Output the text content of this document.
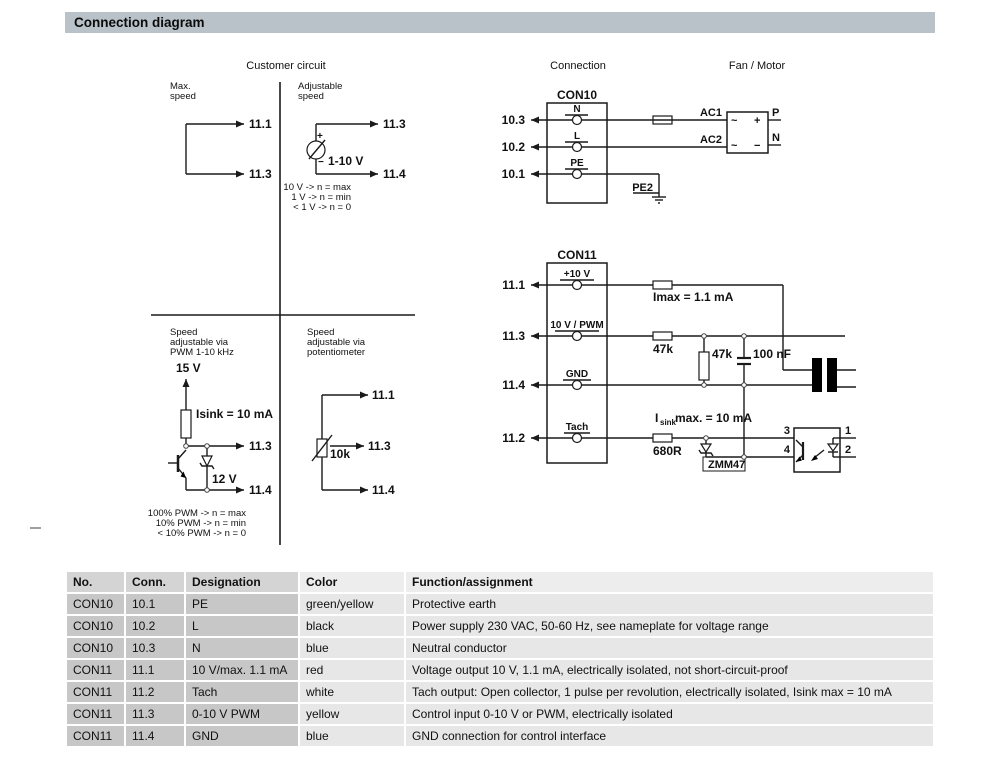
Connection diagram
Customer circuit
Max.
speed
11.1
11.3
Adjustable
speed
+
− 1-10 V
11.3
11.4
10 V -> n = max
1 V -> n = min
< 1 V -> n = 0
Speed
adjustable via
PWM 1-10 kHz
15 V
Isink = 10 mA
11.3
12 V
11.4
100% PWM -> n = max
10% PWM -> n = min
< 10% PWM -> n = 0
Speed
adjustable via
potentiometer
11.1
10k
11.3
11.4
Connection
CON10
AC1
N
10.3
AC2
L
10.2
PE2
PE
10.1
Fan / Motor
~ +
~ −
P
N
CON11
Imax = 1.1 mA
+10 V
11.1
47k
10 V / PWM
11.3
47k 100 nF
GND
11.4
I sink
max. = 10 mA
680R
Tach
11.2
ZMM47
3
4
1
2
No.	Conn.	Designation	Color	Function/assignment
CON10	10.1	PE	green/yellow	Protective earth
CON10	10.2	L	black	Power supply 230 VAC, 50-60 Hz, see nameplate for voltage range
CON10	10.3	N	blue	Neutral conductor
CON11	11.1	10 V/max. 1.1 mA	red	Voltage output 10 V, 1.1 mA, electrically isolated, not short-circuit-proof
CON11	11.2	Tach	white	Tach output: Open collector, 1 pulse per revolution, electrically isolated, Isink max = 10 mA
CON11	11.3	0-10 V PWM	yellow	Control input 0-10 V or PWM, electrically isolated
CON11	11.4	GND	blue	GND connection for control interface
